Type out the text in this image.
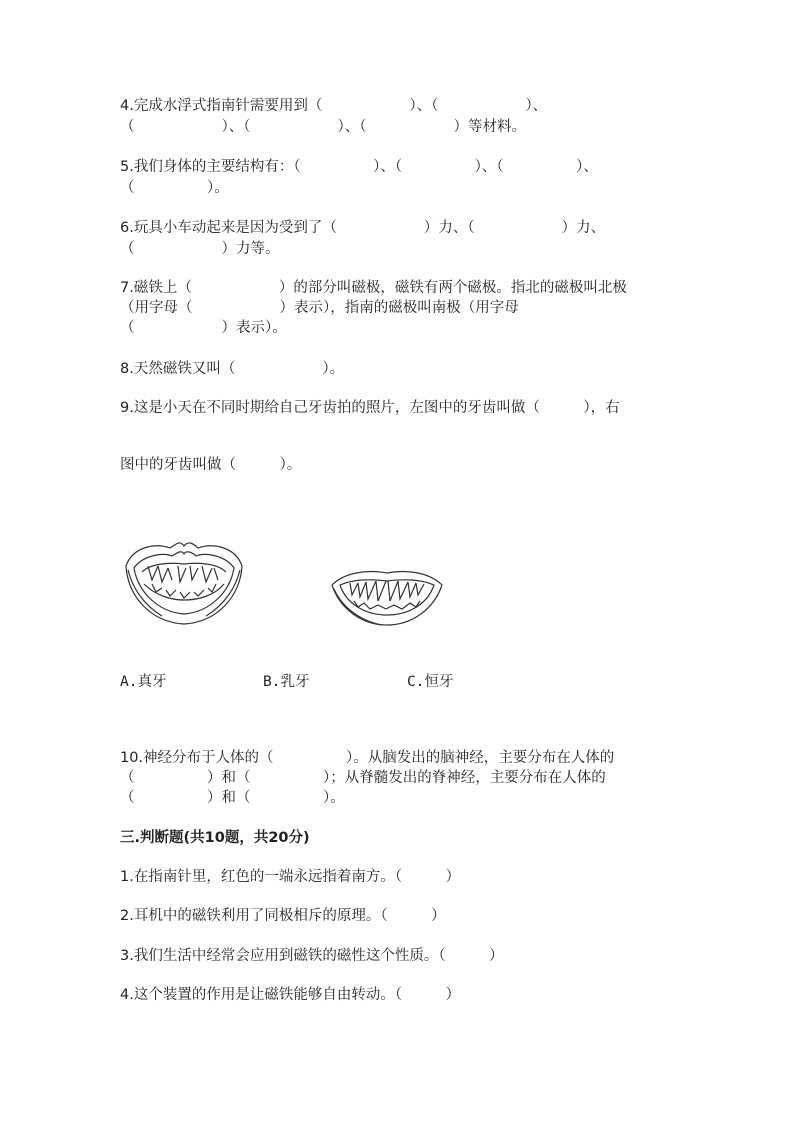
4.完成水浮式指南针需要用到（　　　　　　）、（　　　　　　）、

（　　　　　　）、（　　　　　　）、（　　　　　　）等材料。

5.我们身体的主要结构有：（　　　　　）、（　　　　　）、（　　　　　）、

（　　　　　）。

6.玩具小车动起来是因为受到了（　　　　　　）力、（　　　　　　）力、

（　　　　　　）力等。

7.磁铁上（　　　　　　）的部分叫磁极，磁铁有两个磁极。指北的磁极叫北极

（用字母（　　　　　　）表示），指南的磁极叫南极（用字母

（　　　　　　）表示）。

8.天然磁铁又叫（　　　　　　）。

9.这是小天在不同时期给自己牙齿拍的照片，左图中的牙齿叫做（　　　），右

图中的牙齿叫做（　　　）。

A.真牙	B.乳牙	C.恒牙

10.神经分布于人体的（　　　　　）。从脑发出的脑神经，主要分布在人体的

（　　　　　）和（　　　　　）；从脊髓发出的脊神经，主要分布在人体的

（　　　　　）和（　　　　　）。

三.判断题(共10题，共20分)

1.在指南针里，红色的一端永远指着南方。（　　　）

2.耳机中的磁铁利用了同极相斥的原理。（　　　）

3.我们生活中经常会应用到磁铁的磁性这个性质。（　　　）

4.这个装置的作用是让磁铁能够自由转动。（　　　）
